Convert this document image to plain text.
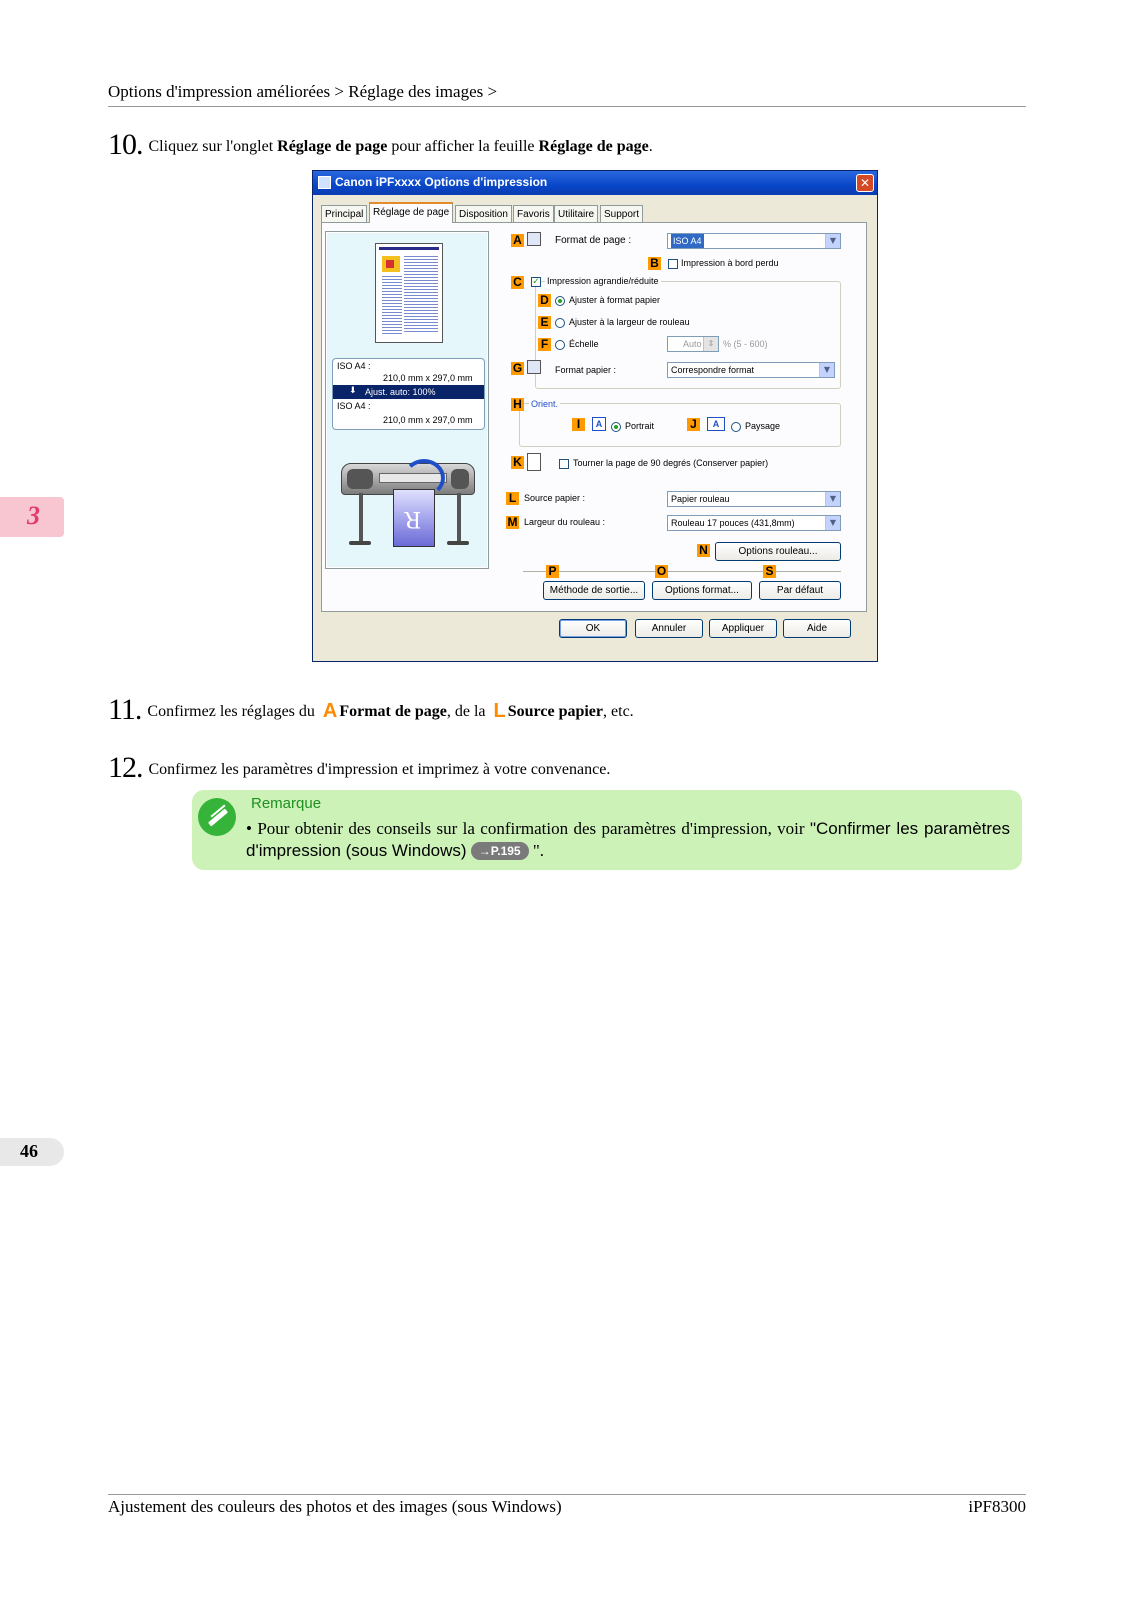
Options d'impression améliorées > Réglage des images >
10. Cliquez sur l'onglet Réglage de page pour afficher la feuille Réglage de page.
Canon iPFxxxx Options d'impression	✕
Principal Réglage de page Disposition Favoris Utilitaire Support
ISO A4 :
210,0 mm x 297,0 mm
⬇ Ajust. auto: 100%
ISO A4 :
210,0 mm x 297,0 mm
R
A	Format de page :	ISO A4	▼
B Impression à bord perdu
C ✓ Impression agrandie/réduite
D Ajuster à format papier
E Ajuster à la largeur de rouleau
F	Échelle	Auto ⇕ % (5 - 600)
G	Format papier :	Correspondre format	▼
H Orient.
I	A	Portrait	J	A	Paysage
K	Tourner la page de 90 degrés (Conserver papier)
L Source papier :	Papier rouleau	▼
M Largeur du rouleau :	Rouleau 17 pouces (431,8mm)	▼
N	Options rouleau...
P	O	S
Méthode de sortie...	Options format...	Par défaut
OK	Annuler	Appliquer	Aide
11. Confirmez les réglages du A Format de page, de la L Source papier, etc.
12. Confirmez les paramètres d'impression et imprimez à votre convenance.
Remarque
• Pour obtenir des conseils sur la confirmation des paramètres d'impression, voir "Confirmer les paramètres d'impression (sous Windows) →P.195 ".
3
46
Ajustement des couleurs des photos et des images (sous Windows)	iPF8300
